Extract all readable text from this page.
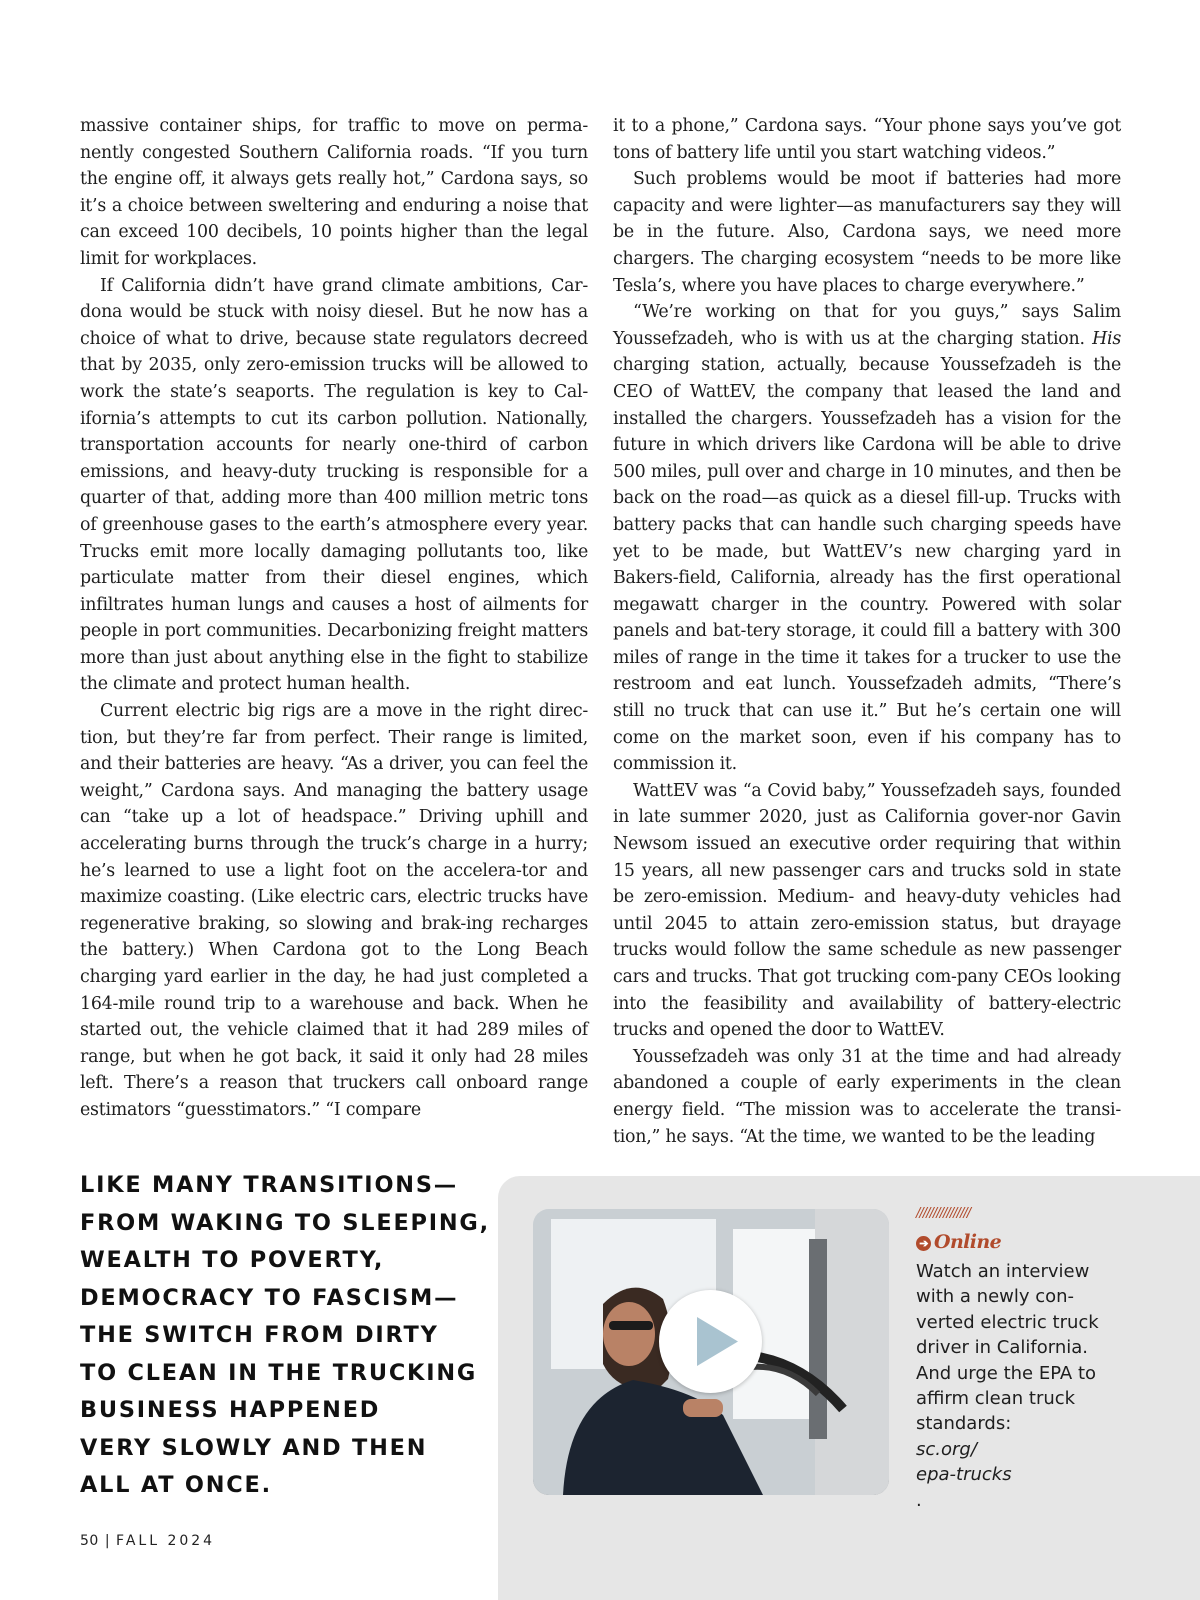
massive container ships, for traffic to move on perma-nently congested Southern California roads. “If you turn the engine off, it always gets really hot,” Cardona says, so it’s a choice between sweltering and enduring a noise that can exceed 100 decibels, 10 points higher than the legal limit for workplaces.

If California didn’t have grand climate ambitions, Car-dona would be stuck with noisy diesel. But he now has a choice of what to drive, because state regulators decreed that by 2035, only zero-emission trucks will be allowed to work the state’s seaports. The regulation is key to Cal-ifornia’s attempts to cut its carbon pollution. Nationally, transportation accounts for nearly one-third of carbon emissions, and heavy-duty trucking is responsible for a quarter of that, adding more than 400 million metric tons of greenhouse gases to the earth’s atmosphere every year. Trucks emit more locally damaging pollutants too, like particulate matter from their diesel engines, which infiltrates human lungs and causes a host of ailments for people in port communities. Decarbonizing freight matters more than just about anything else in the fight to stabilize the climate and protect human health.

Current electric big rigs are a move in the right direc-tion, but they’re far from perfect. Their range is limited, and their batteries are heavy. “As a driver, you can feel the weight,” Cardona says. And managing the battery usage can “take up a lot of headspace.” Driving uphill and accelerating burns through the truck’s charge in a hurry; he’s learned to use a light foot on the accelera-tor and maximize coasting. (Like electric cars, electric trucks have regenerative braking, so slowing and brak-ing recharges the battery.) When Cardona got to the Long Beach charging yard earlier in the day, he had just completed a 164-mile round trip to a warehouse and back. When he started out, the vehicle claimed that it had 289 miles of range, but when he got back, it said it only had 28 miles left. There’s a reason that truckers call onboard range estimators “guesstimators.” “I compare

it to a phone,” Cardona says. “Your phone says you’ve got tons of battery life until you start watching videos.”

Such problems would be moot if batteries had more capacity and were lighter—as manufacturers say they will be in the future. Also, Cardona says, we need more chargers. The charging ecosystem “needs to be more like Tesla’s, where you have places to charge everywhere.”

“We’re working on that for you guys,” says Salim Youssefzadeh, who is with us at the charging station. His charging station, actually, because Youssefzadeh is the CEO of WattEV, the company that leased the land and installed the chargers. Youssefzadeh has a vision for the future in which drivers like Cardona will be able to drive 500 miles, pull over and charge in 10 minutes, and then be back on the road—as quick as a diesel fill-up. Trucks with battery packs that can handle such charging speeds have yet to be made, but WattEV’s new charging yard in Bakers-field, California, already has the first operational megawatt charger in the country. Powered with solar panels and bat-tery storage, it could fill a battery with 300 miles of range in the time it takes for a trucker to use the restroom and eat lunch. Youssefzadeh admits, “There’s still no truck that can use it.” But he’s certain one will come on the market soon, even if his company has to commission it.

WattEV was “a Covid baby,” Youssefzadeh says, founded in late summer 2020, just as California gover-nor Gavin Newsom issued an executive order requiring that within 15 years, all new passenger cars and trucks sold in state be zero-emission. Medium- and heavy-duty vehicles had until 2045 to attain zero-emission status, but drayage trucks would follow the same schedule as new passenger cars and trucks. That got trucking com-pany CEOs looking into the feasibility and availability of battery-electric trucks and opened the door to WattEV.

Youssefzadeh was only 31 at the time and had already abandoned a couple of early experiments in the clean energy field. “The mission was to accelerate the transi-tion,” he says. “At the time, we wanted to be the leading

LIKE MANY TRANSITIONS—
FROM WAKING TO SLEEPING,
WEALTH TO POVERTY,
DEMOCRACY TO FASCISM—
THE SWITCH FROM DIRTY
TO CLEAN IN THE TRUCKING
BUSINESS HAPPENED
VERY SLOWLY AND THEN
ALL AT ONCE.

////////////////

➔ Online

Watch an interview
with a newly con-
verted electric truck
driver in California.
And urge the EPA to
affirm clean truck
standards:
sc.org/
epa-trucks
.

50 | FALL 2024
